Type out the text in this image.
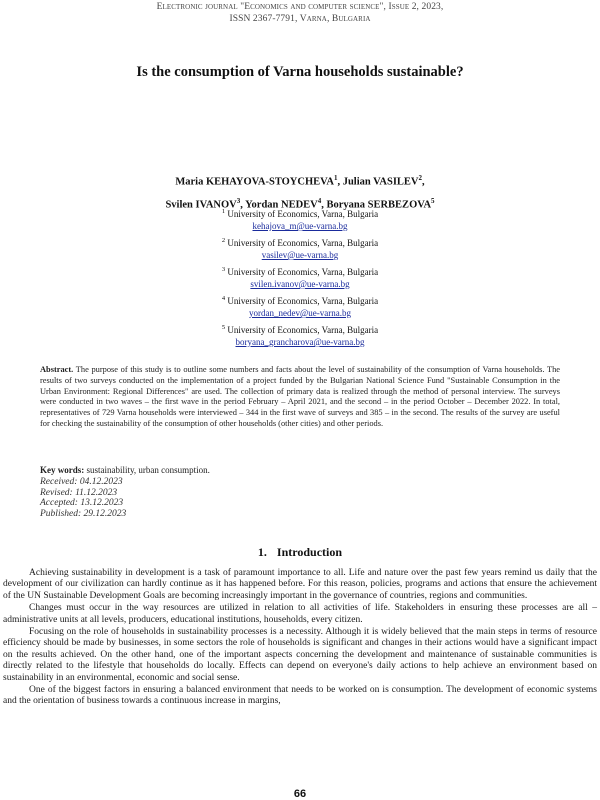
Electronic journal "Economics and computer science", Issue 2, 2023,
ISSN 2367-7791, Varna, Bulgaria
Is the consumption of Varna households sustainable?
Maria KEHAYOVA-STOYCHEVA$^1$, Julian VASILEV$^2$,
Svilen IVANOV$^3$, Yordan NEDEV$^4$, Boryana SERBEZOVA$^5$
$^1$ University of Economics, Varna, Bulgaria
kehajova_m@ue-varna.bg
$^2$ University of Economics, Varna, Bulgaria
vasilev@ue-varna.bg
$^3$ University of Economics, Varna, Bulgaria
svilen.ivanov@ue-varna.bg
$^4$ University of Economics, Varna, Bulgaria
yordan_nedev@ue-varna.bg
$^5$ University of Economics, Varna, Bulgaria
boryana_grancharova@ue-varna.bg
Abstract. The purpose of this study is to outline some numbers and facts about the level of sustainability of the consumption of Varna households. The results of two surveys conducted on the implementation of a project funded by the Bulgarian National Science Fund "Sustainable Consumption in the Urban Environment: Regional Differences" are used. The collection of primary data is realized through the method of personal interview. The surveys were conducted in two waves – the first wave in the period February – April 2021, and the second – in the period October – December 2022. In total, representatives of 729 Varna households were interviewed – 344 in the first wave of surveys and 385 – in the second. The results of the survey are useful for checking the sustainability of the consumption of other households (other cities) and other periods.
Key words: sustainability, urban consumption.
Received: 04.12.2023
Revised: 11.12.2023
Accepted: 13.12.2023
Published: 29.12.2023
1. Introduction

Achieving sustainability in development is a task of paramount importance to all. Life and nature over the past few years remind us daily that the development of our civilization can hardly continue as it has happened before. For this reason, policies, programs and actions that ensure the achievement of the UN Sustainable Development Goals are becoming increasingly important in the governance of countries, regions and communities.

Changes must occur in the way resources are utilized in relation to all activities of life. Stakeholders in ensuring these processes are all – administrative units at all levels, producers, educational institutions, households, every citizen.

Focusing on the role of households in sustainability processes is a necessity. Although it is widely believed that the main steps in terms of resource efficiency should be made by businesses, in some sectors the role of households is significant and changes in their actions would have a significant impact on the results achieved. On the other hand, one of the important aspects concerning the development and maintenance of sustainable communities is directly related to the lifestyle that households do locally. Effects can depend on everyone's daily actions to help achieve an environment based on sustainability in an environmental, economic and social sense.

One of the biggest factors in ensuring a balanced environment that needs to be worked on is consumption. The development of economic systems and the orientation of business towards a continuous increase in margins,

66
